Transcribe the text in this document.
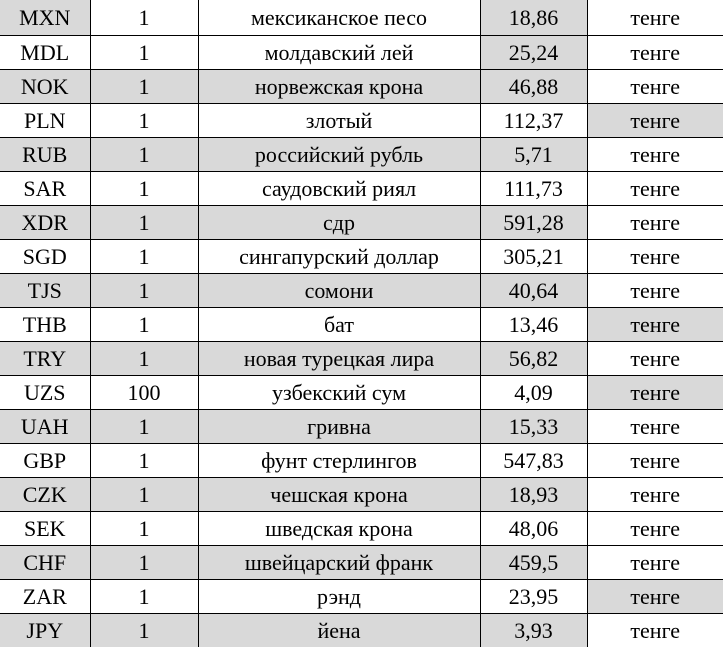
MXN	1	мексиканское песо	18,86	тенге
MDL	1	молдавский лей	25,24	тенге
NOK	1	норвежская крона	46,88	тенге
PLN	1	злотый	112,37	тенге
RUB	1	российский рубль	5,71	тенге
SAR	1	саудовский риял	111,73	тенге
XDR	1	сдр	591,28	тенге
SGD	1	сингапурский доллар	305,21	тенге
TJS	1	сомони	40,64	тенге
THB	1	бат	13,46	тенге
TRY	1	новая турецкая лира	56,82	тенге
UZS	100	узбекский сум	4,09	тенге
UAH	1	гривна	15,33	тенге
GBP	1	фунт стерлингов	547,83	тенге
CZK	1	чешская крона	18,93	тенге
SEK	1	шведская крона	48,06	тенге
CHF	1	швейцарский франк	459,5	тенге
ZAR	1	рэнд	23,95	тенге
JPY	1	йена	3,93	тенге
